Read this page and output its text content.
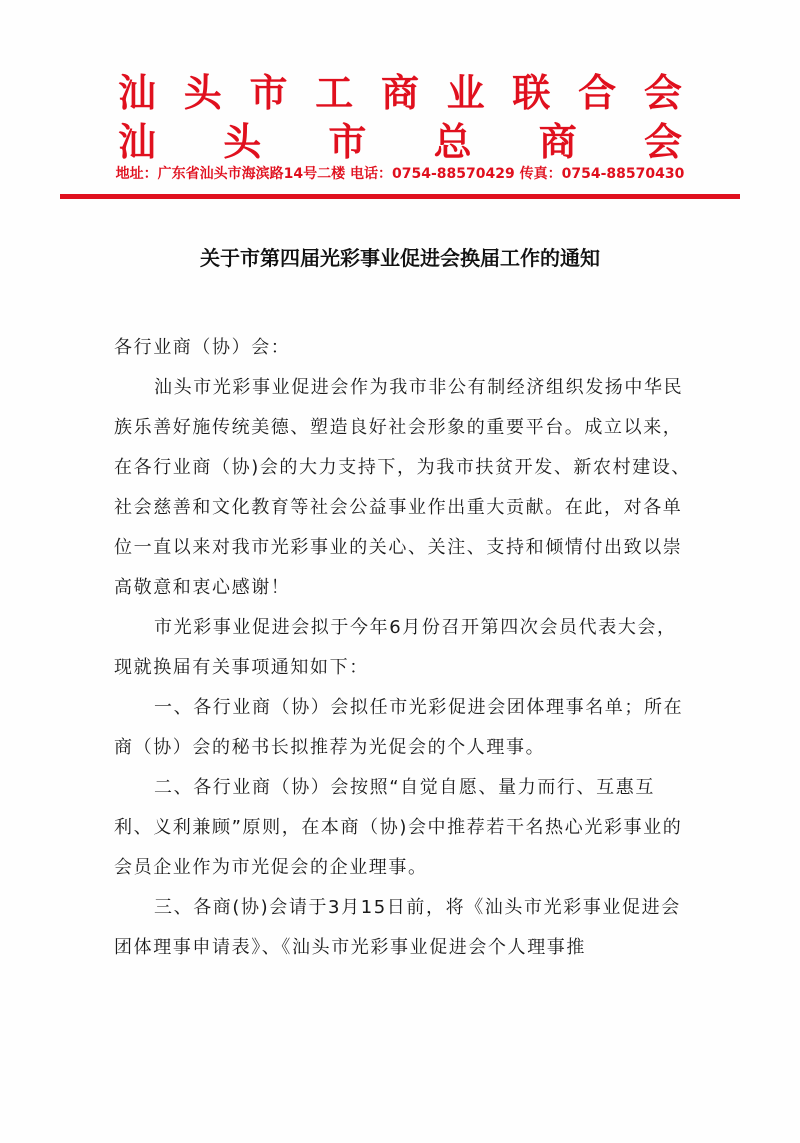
汕 头 市 工 商 业 联 合 会
汕 头 市 总 商 会
地址：广东省汕头市海滨路14号二楼 电话：0754-88570429 传真：0754-88570430
关于市第四届光彩事业促进会换届工作的通知

各行业商（协）会：

汕头市光彩事业促进会作为我市非公有制经济组织发扬中华民族乐善好施传统美德、塑造良好社会形象的重要平台。成立以来，在各行业商（协)会的大力支持下，为我市扶贫开发、新农村建设、社会慈善和文化教育等社会公益事业作出重大贡献。在此，对各单位一直以来对我市光彩事业的关心、关注、支持和倾情付出致以崇高敬意和衷心感谢！

市光彩事业促进会拟于今年6月份召开第四次会员代表大会，现就换届有关事项通知如下：

一、各行业商（协）会拟任市光彩促进会团体理事名单；所在商（协）会的秘书长拟推荐为光促会的个人理事。

二、各行业商（协）会按照“自觉自愿、量力而行、互惠互利、义利兼顾”原则，在本商（协)会中推荐若干名热心光彩事业的会员企业作为市光促会的企业理事。

三、各商(协)会请于3月15日前，将《汕头市光彩事业促进会团体理事申请表》、《汕头市光彩事业促进会个人理事推
